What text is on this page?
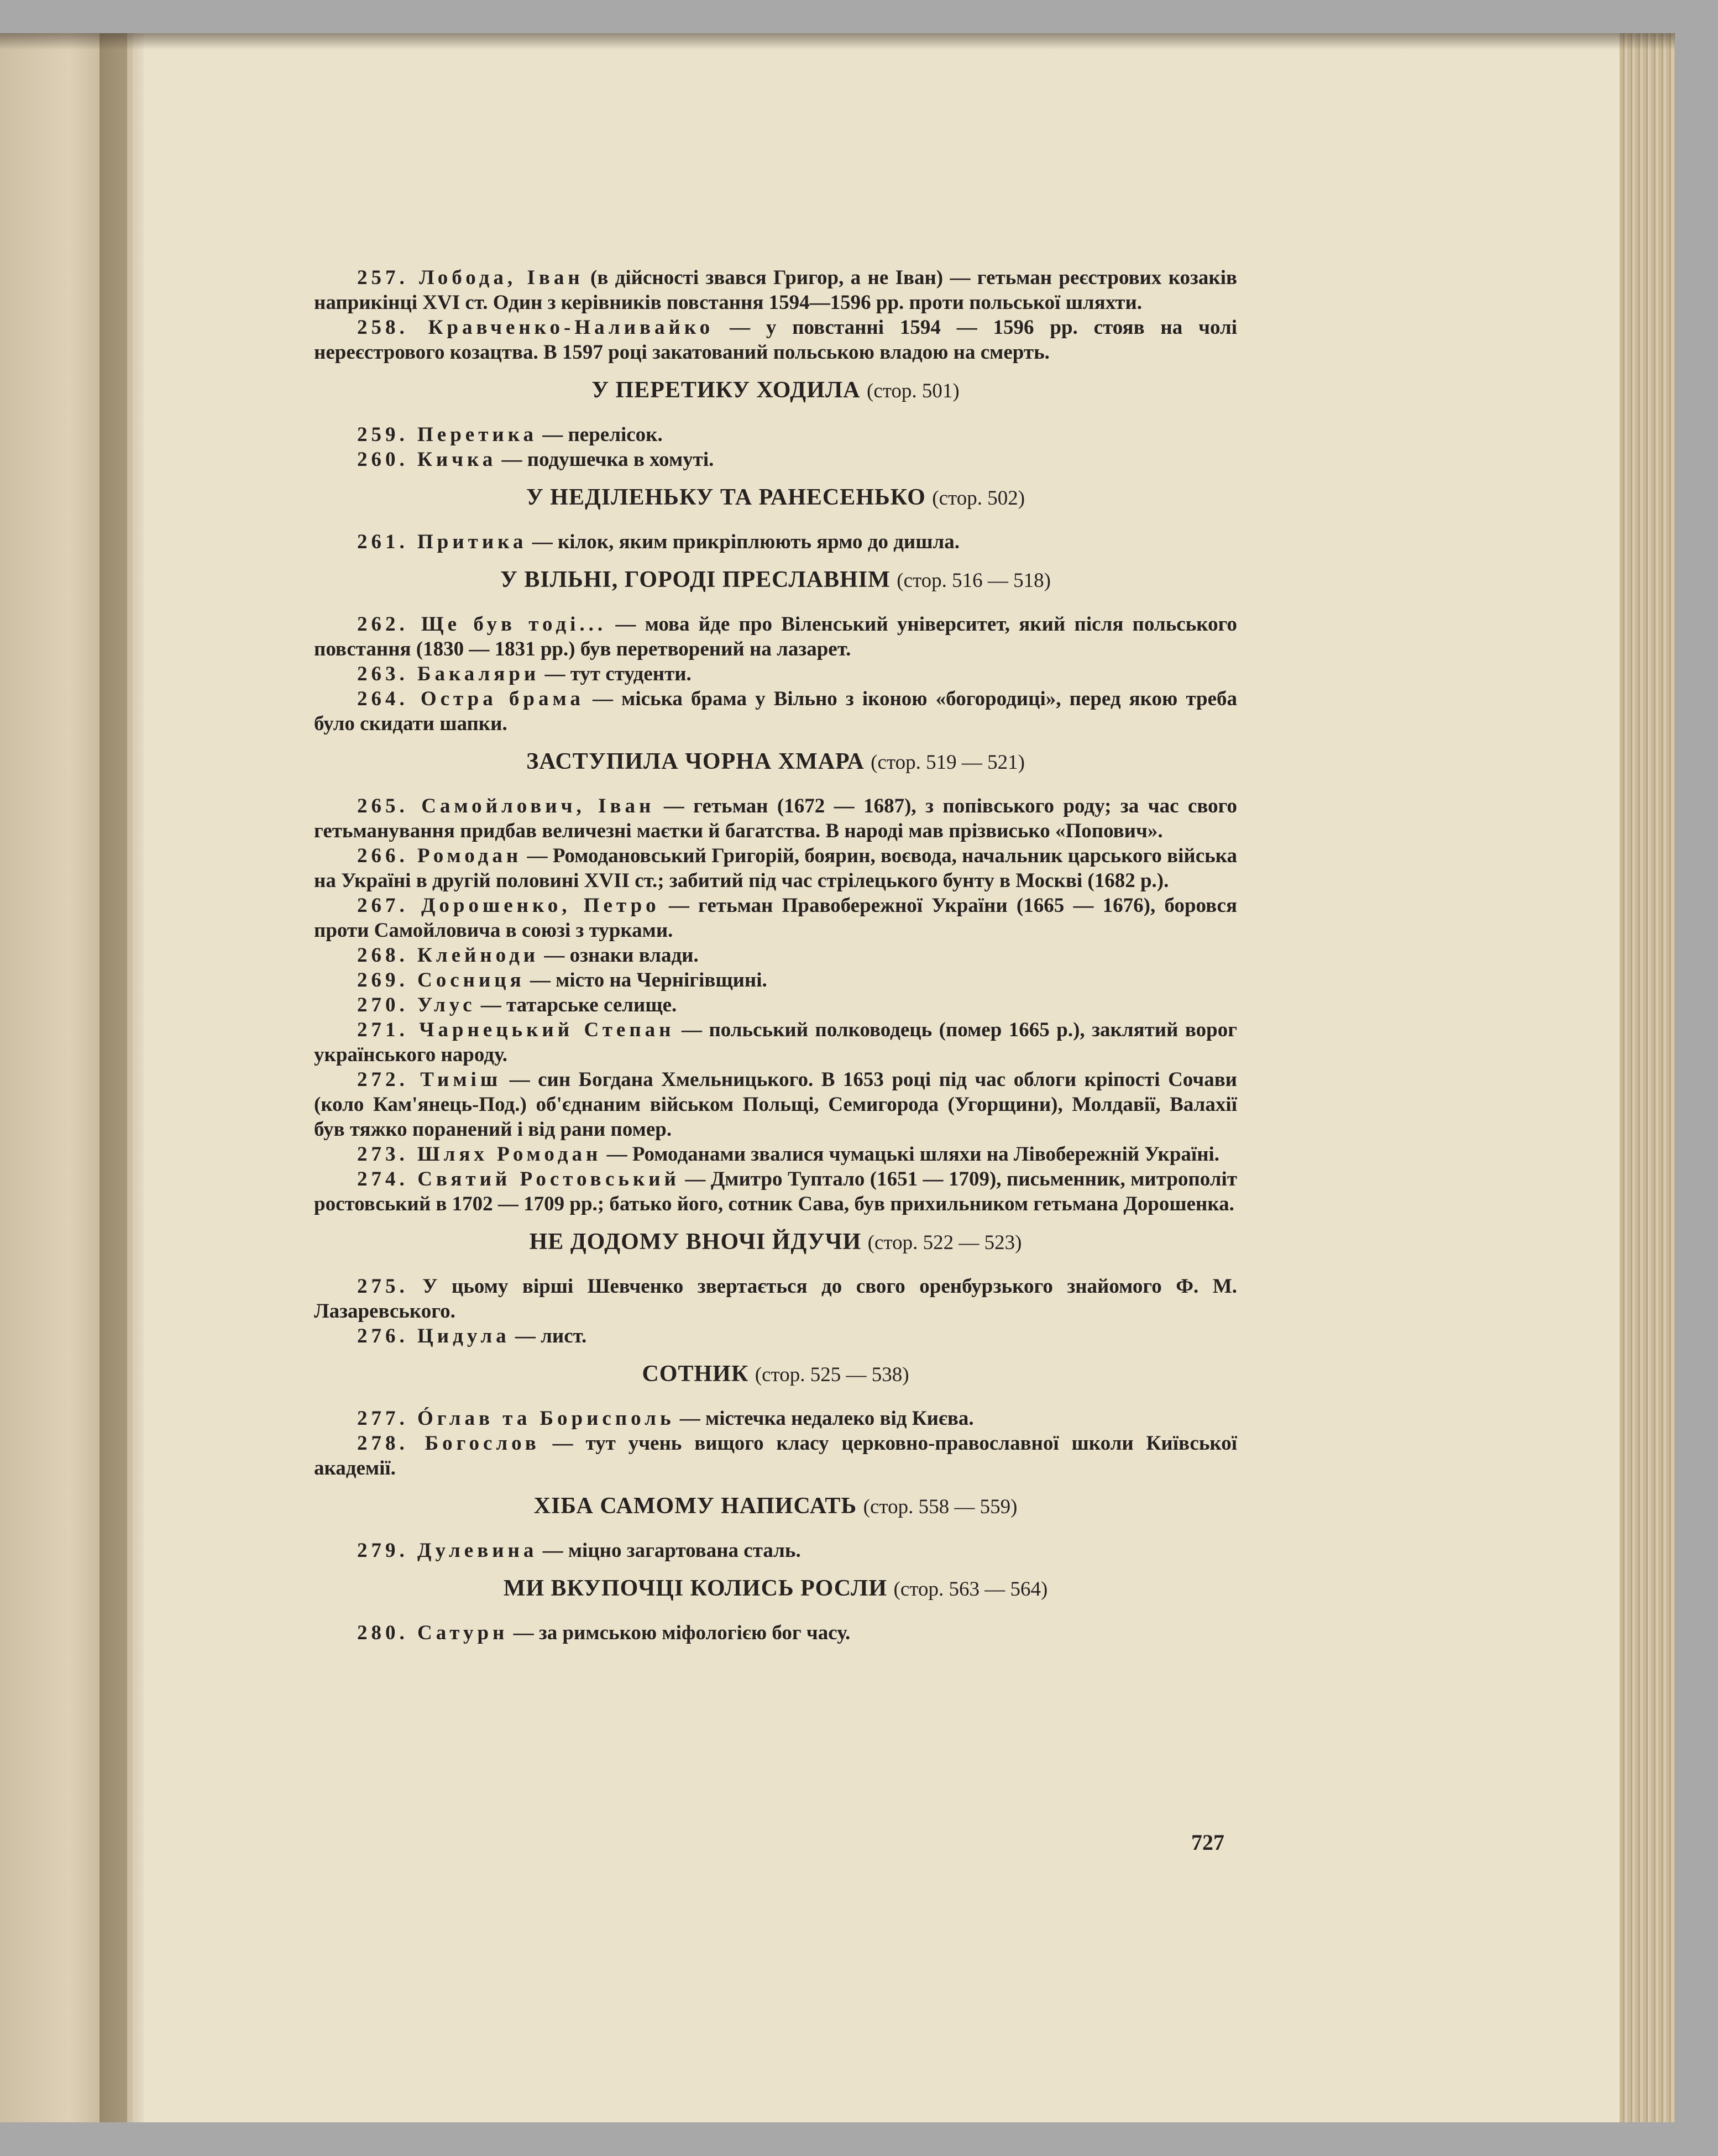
257. Лобода, Іван (в дійсності звався Григор, а не Іван) — гетьман реєстрових козаків наприкінці XVI ст. Один з керівників повстання 1594—1596 рр. проти польської шляхти.

258. Кравченко-Наливайко — у повстанні 1594 — 1596 рр. стояв на чолі нереєстрового козацтва. В 1597 році закатований польською владою на смерть.

У ПЕРЕТИКУ ХОДИЛА (стор. 501)

259. Перетика — перелісок.

260. Кичка — подушечка в хомуті.

У НЕДІЛЕНЬКУ ТА РАНЕСЕНЬКО (стор. 502)

261. Притика — кілок, яким прикріплюють ярмо до дишла.

У ВІЛЬНІ, ГОРОДІ ПРЕСЛАВНІМ (стор. 516 — 518)

262. Ще був тоді... — мова йде про Віленський університет, який після польського повстання (1830 — 1831 рр.) був перетворений на лазарет.

263. Бакаляри — тут студенти.

264. Остра брама — міська брама у Вільно з іконою «богородиці», перед якою треба було скидати шапки.

ЗАСТУПИЛА ЧОРНА ХМАРА (стор. 519 — 521)

265. Самойлович, Іван — гетьман (1672 — 1687), з попівського роду; за час свого гетьманування придбав величезні маєтки й багатства. В народі мав прізвисько «Попович».

266. Ромодан — Ромодановський Григорій, боярин, воєвода, начальник царського війська на Україні в другій половині XVII ст.; забитий під час стрілецького бунту в Москві (1682 р.).

267. Дорошенко, Петро — гетьман Правобережної України (1665 — 1676), боровся проти Самойловича в союзі з турками.

268. Клейноди — ознаки влади.

269. Сосниця — місто на Чернігівщині.

270. Улус — татарське селище.

271. Чарнецький Степан — польський полководець (помер 1665 р.), заклятий ворог українського народу.

272. Тиміш — син Богдана Хмельницького. В 1653 році під час облоги кріпості Сочави (коло Кам'янець-Под.) об'єднаним військом Польщі, Семигорода (Угорщини), Молдавії, Валахії був тяжко поранений і від рани помер.

273. Шлях Ромодан — Ромоданами звалися чумацькі шляхи на Лівобережній Україні.

274. Святий Ростовський — Дмитро Туптало (1651 — 1709), письменник, митрополіт ростовський в 1702 — 1709 рр.; батько його, сотник Сава, був прихильником гетьмана Дорошенка.

НЕ ДОДОМУ ВНОЧІ ЙДУЧИ (стор. 522 — 523)

275. У цьому вірші Шевченко звертається до свого оренбурзького знайомого Ф. М. Лазаревського.

276. Цидула — лист.

СОТНИК (стор. 525 — 538)

277. Óглав та Борисполь — містечка недалеко від Києва.

278. Богослов — тут учень вищого класу церковно-православної школи Київської академії.

ХІБА САМОМУ НАПИСАТЬ (стор. 558 — 559)

279. Дулевина — міцно загартована сталь.

МИ ВКУПОЧЦІ КОЛИСЬ РОСЛИ (стор. 563 — 564)

280. Сатурн — за римською міфологією бог часу.

727
